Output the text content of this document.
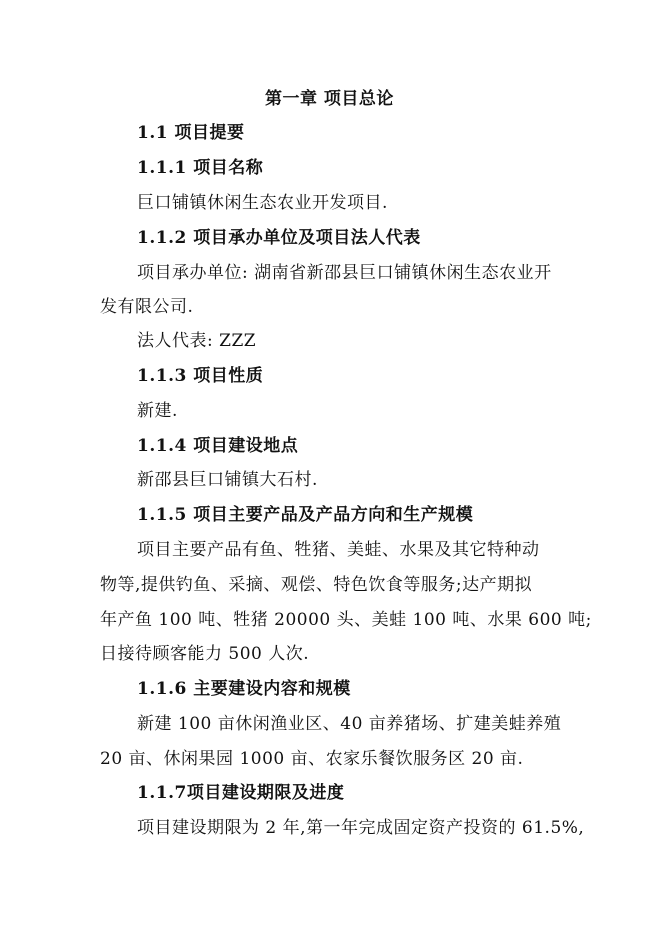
第一章 项目总论
1.1 项目提要
1.1.1 项目名称
巨口铺镇休闲生态农业开发项目.
1.1.2 项目承办单位及项目法人代表
项目承办单位: 湖南省新邵县巨口铺镇休闲生态农业开
发有限公司.
法人代表: ZZZ
1.1.3 项目性质
新建.
1.1.4 项目建设地点
新邵县巨口铺镇大石村.
1.1.5 项目主要产品及产品方向和生产规模
项目主要产品有鱼、牲猪、美蛙、水果及其它特种动
物等,提供钓鱼、采摘、观偿、特色饮食等服务;达产期拟
年产鱼 100 吨、牲猪 20000 头、美蛙 100 吨、水果 600 吨;
日接待顾客能力 500 人次.
1.1.6 主要建设内容和规模
新建 100 亩休闲渔业区、40 亩养猪场、扩建美蛙养殖
20 亩、休闲果园 1000 亩、农家乐餐饮服务区 20 亩.
1.1.7项目建设期限及进度
项目建设期限为 2 年,第一年完成固定资产投资的 61.5%,
